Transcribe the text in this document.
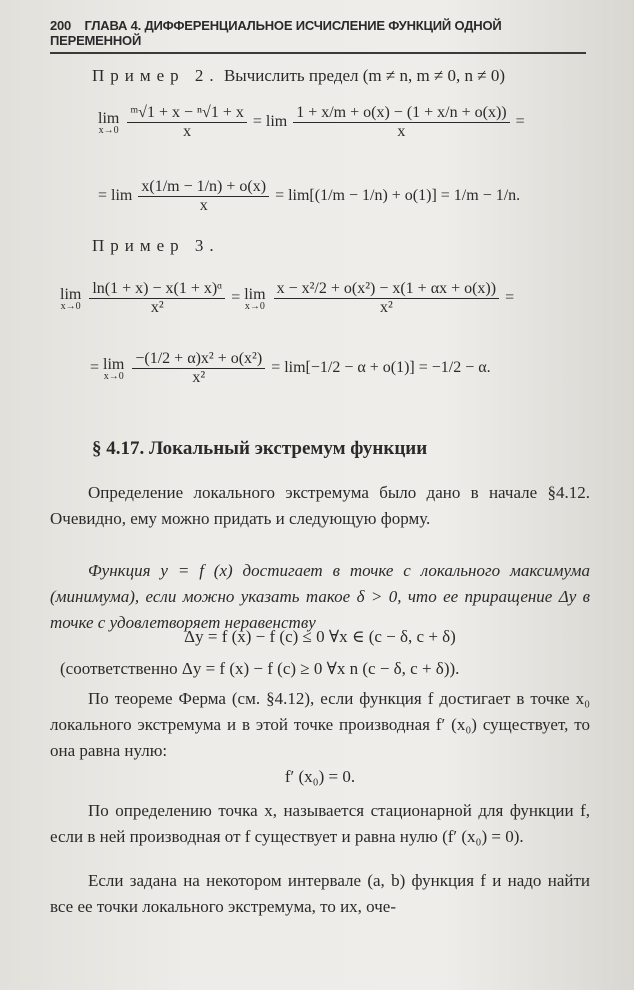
200 ГЛАВА 4. ДИФФЕРЕНЦИАЛЬНОЕ ИСЧИСЛЕНИЕ ФУНКЦИЙ ОДНОЙ ПЕРЕМЕННОЙ
Пример 2. Вычислить предел (m ≠ n, m ≠ 0, n ≠ 0)
lim
x→0
$\frac{\text{ᵐ√1 + x − ⁿ√1 + x}}{x} = \lim \frac{1 + x/m + o(x) - (1 + x/n + o(x))}{x}$ =
= $\lim \frac{x(1/m - 1/n) + o(x)}{x} = \lim[(1/m - 1/n) + o(1)] = 1/m - 1/n$.
Пример 3.
lim
x→0
$\frac{\text{ln(1 + x) − x(1 + x)ᵅ}}{\text{x²}} = \lim$
x→0
$\frac{\text{x − x²/2 + o(x²) − x(1 + αx + o(x))}}{\text{x²}}$ =
= lim
x→0
$\frac{\text{−(1/2 + α)x² + o(x²)}}{\text{x²}} = \lim[-1/2 - \alpha + o(1)] = -1/2 - \alpha$.
§ 4.17. Локальный экстремум функции
Определение локального экстремума было дано в начале §4.12. Очевидно, ему можно придать и следующую форму.
Функция y = f (x) достигает в точке c локального максимума (минимума), если можно указать такое δ > 0, что ее приращение Δy в точке c удовлетворяет неравенству
Δy = f (x) − f (c) ≤ 0 ∀x ∈ (c − δ, c + δ)
(соответственно Δy = f (x) − f (c) ≥ 0 ∀x n (c − δ, c + δ)).
По теореме Ферма (см. §4.12), если функция f достигает в точке x₀ локального экстремума и в этой точке производная f′ (x₀) существует, то она равна нулю:
f′ (x₀) = 0.
По определению точка x, называется стационарной для функции f, если в ней производная от f существует и равна нулю (f′ (x₀) = 0).
Если задана на некотором интервале (a, b) функция f и надо найти все ее точки локального экстремума, то их, оче-
